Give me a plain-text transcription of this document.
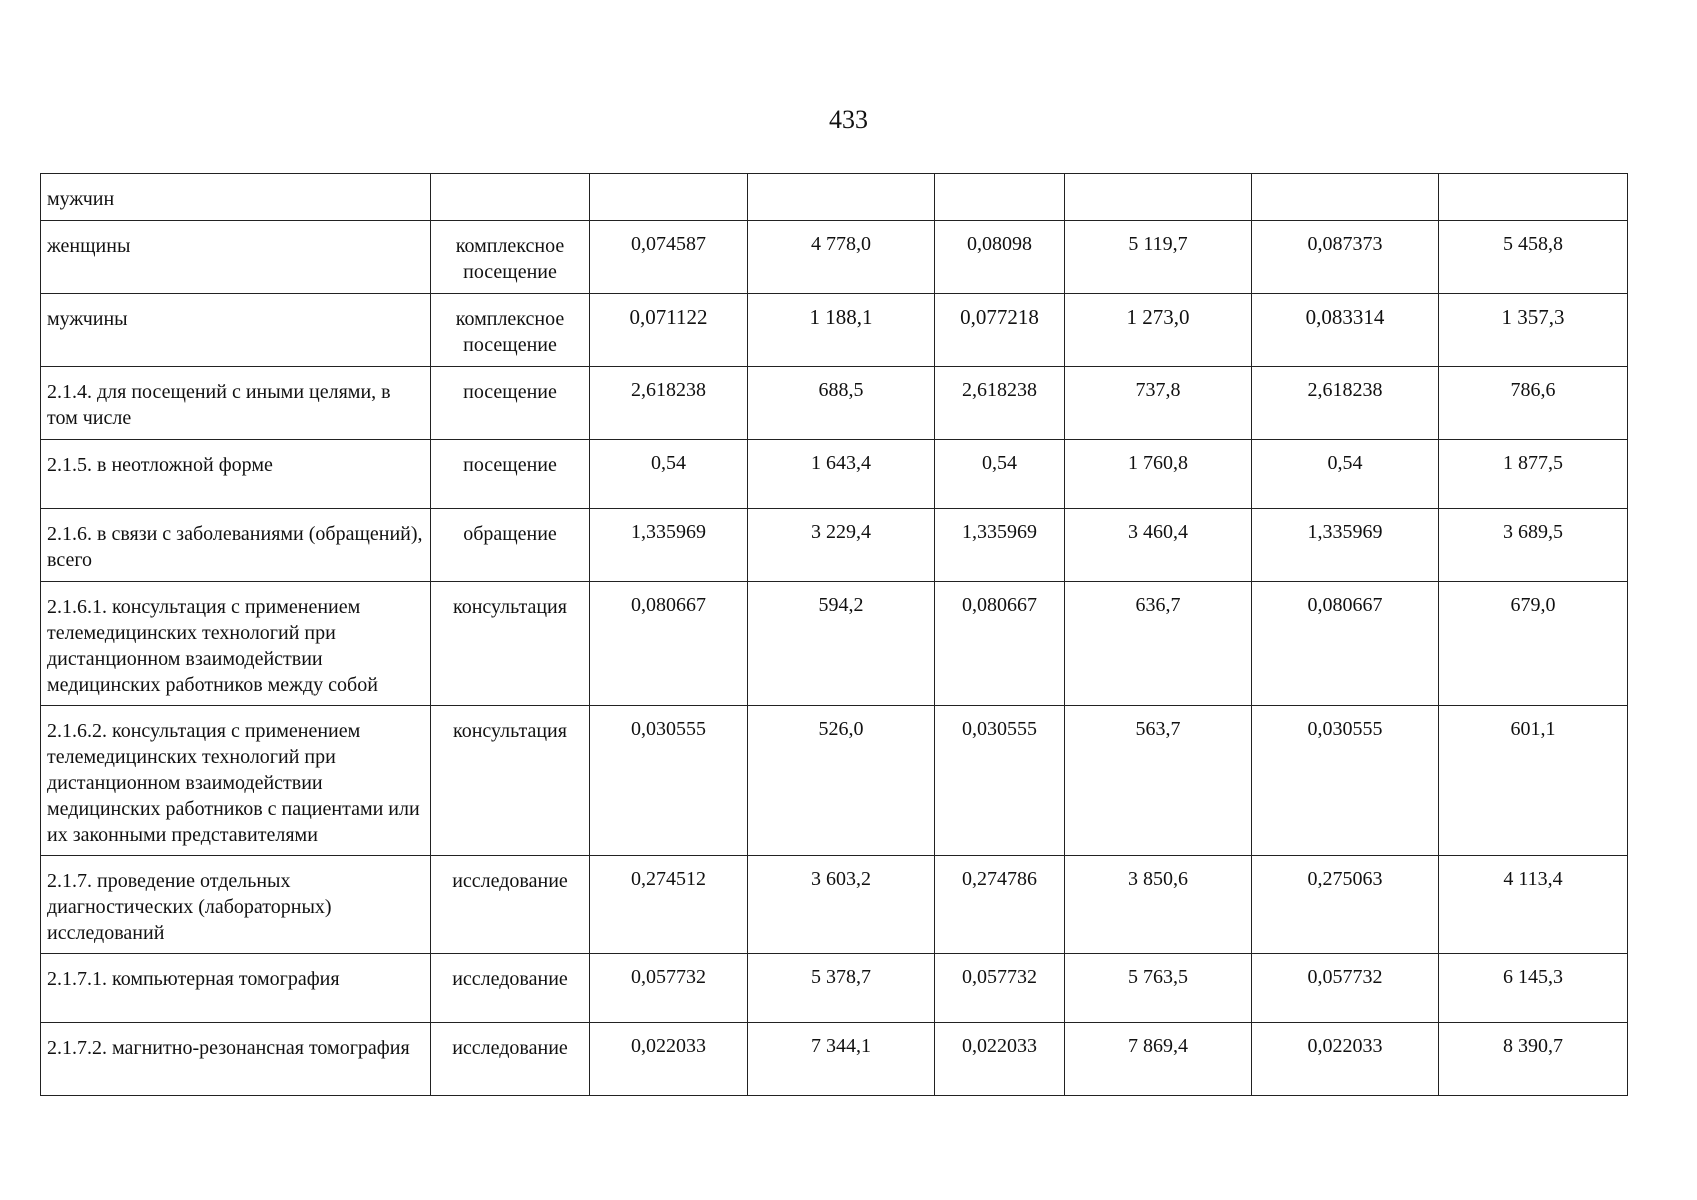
433
мужчин							
женщины	комплексное посещение	0,074587	4 778,0	0,08098	5 119,7	0,087373	5 458,8
мужчины	комплексное посещение	0,071122	1 188,1	0,077218	1 273,0	0,083314	1 357,3
2.1.4. для посещений с иными целями, в том числе	посещение	2,618238	688,5	2,618238	737,8	2,618238	786,6
2.1.5. в неотложной форме	посещение	0,54	1 643,4	0,54	1 760,8	0,54	1 877,5
2.1.6. в связи с заболеваниями (обращений), всего	обращение	1,335969	3 229,4	1,335969	3 460,4	1,335969	3 689,5
2.1.6.1. консультация с применением телемедицинских технологий при дистанционном взаимодействии медицинских работников между собой	консультация	0,080667	594,2	0,080667	636,7	0,080667	679,0
2.1.6.2. консультация с применением телемедицинских технологий при дистанционном взаимодействии медицинских работников с пациентами или их законными представителями	консультация	0,030555	526,0	0,030555	563,7	0,030555	601,1
2.1.7. проведение отдельных диагностических (лабораторных) исследований	исследование	0,274512	3 603,2	0,274786	3 850,6	0,275063	4 113,4
2.1.7.1. компьютерная томография	исследование	0,057732	5 378,7	0,057732	5 763,5	0,057732	6 145,3
2.1.7.2. магнитно-резонансная томография	исследование	0,022033	7 344,1	0,022033	7 869,4	0,022033	8 390,7
